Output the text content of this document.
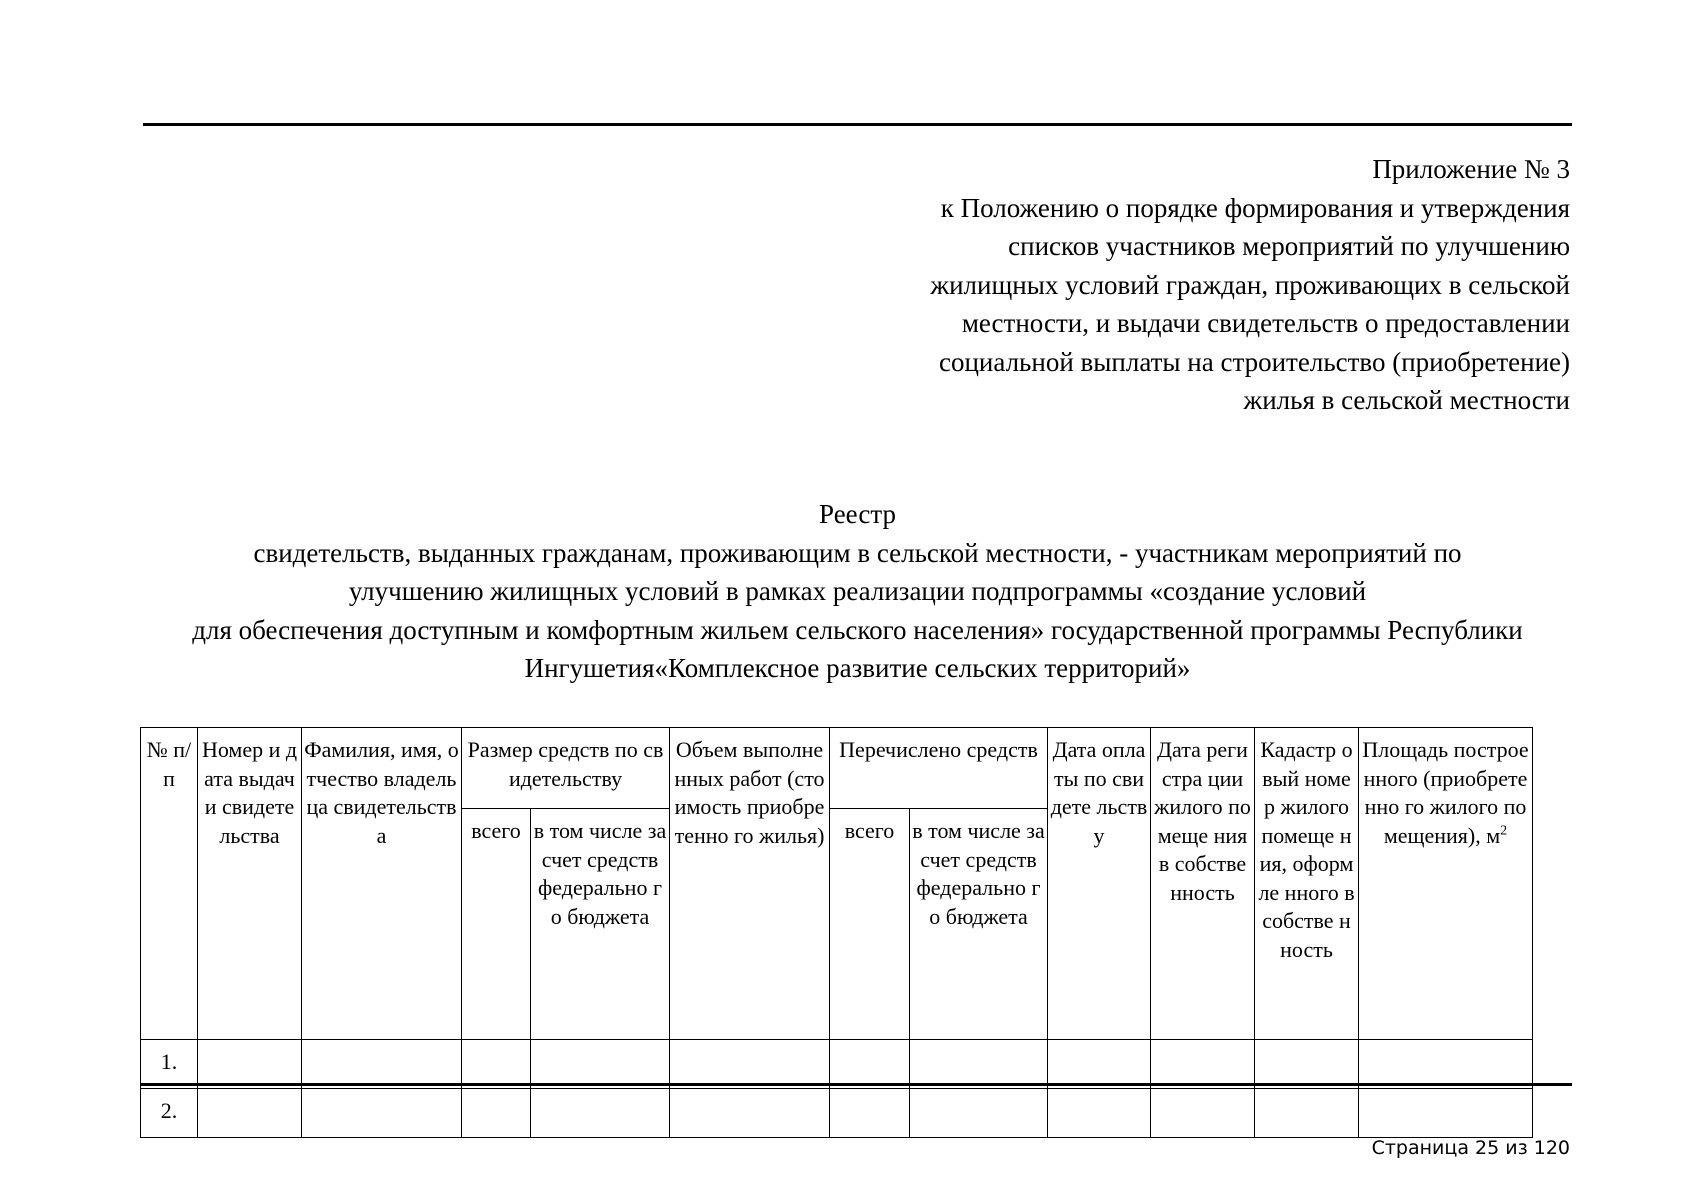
Приложение № 3
к Положению о порядке формирования и утверждения
списков участников мероприятий по улучшению
жилищных условий граждан, проживающих в сельской
местности, и выдачи свидетельств о предоставлении
социальной выплаты на строительство (приобретение)
жилья в сельской местности
Реестр
свидетельств, выданных гражданам, проживающим в сельской местности, - участникам мероприятий по
улучшению жилищных условий в рамках реализации подпрограммы «создание условий
для обеспечения доступным и комфортным жильем сельского населения» государственной программы Республики
Ингушетия«Комплексное развитие сельских территорий»
№ п/п	Номер и дата выдачи свидете льства	Фамилия, имя, отчество владельца свидетельства	Размер средств по свидетельству		Объем выполненных работ (стоимость приобретенно го жилья)	Перечислено средств		Дата оплаты по свидете льству	Дата регистра ции жилого помеще ния в собстве нность	Кадастр овый номер жилого помеще ния, оформле нного в собстве нность	Площадь построенного (приобретенно го жилого помещения), $м^2$
			всего	в том числе за счет средств федерально го бюджета		всего	в том числе за счет средств федерально го бюджета				
1.											
2.											
Страница 25 из 120
